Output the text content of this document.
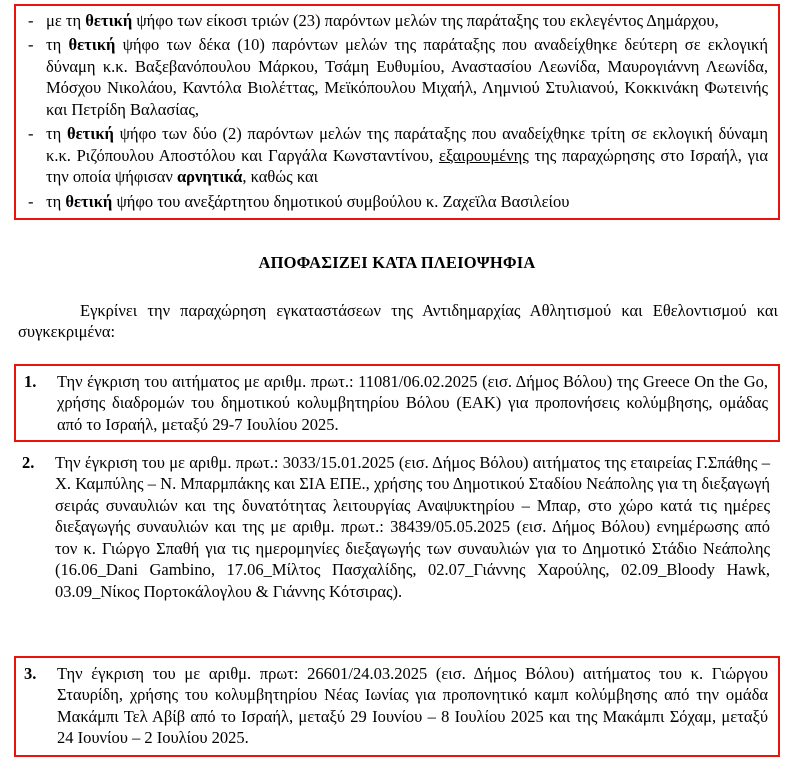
- με τη θετική ψήφο των είκοσι τριών (23) παρόντων μελών της παράταξης του εκλεγέντος Δημάρχου,
- τη θετική ψήφο των δέκα (10) παρόντων μελών της παράταξης που αναδείχθηκε δεύτερη σε εκλογική δύναμη κ.κ. Βαξεβανόπουλου Μάρκου, Τσάμη Ευθυμίου, Αναστασίου Λεωνίδα, Μαυρογιάννη Λεωνίδα, Μόσχου Νικολάου, Καντόλα Βιολέττας, Μεϊκόπουλου Μιχαήλ, Λημνιού Στυλιανού, Κοκκινάκη Φωτεινής και Πετρίδη Βαλασίας,
- τη θετική ψήφο των δύο (2) παρόντων μελών της παράταξης που αναδείχθηκε τρίτη σε εκλογική δύναμη κ.κ. Ριζόπουλου Αποστόλου και Γαργάλα Κωνσταντίνου, εξαιρουμένης της παραχώρησης στο Ισραήλ, για την οποία ψήφισαν αρνητικά, καθώς και
- τη θετική ψήφο του ανεξάρτητου δημοτικού συμβούλου κ. Ζαχεϊλα Βασιλείου
ΑΠΟΦΑΣΙΖΕΙ ΚΑΤΑ ΠΛΕΙΟΨΗΦΙΑ
Εγκρίνει την παραχώρηση εγκαταστάσεων της Αντιδημαρχίας Αθλητισμού και Εθελοντισμού και συγκεκριμένα:
1. Την έγκριση του αιτήματος με αριθμ. πρωτ.: 11081/06.02.2025 (εισ. Δήμος Βόλου) της Greece On the Go, χρήσης διαδρομών του δημοτικού κολυμβητηρίου Βόλου (ΕΑΚ) για προπονήσεις κολύμβησης, ομάδας από το Ισραήλ, μεταξύ 29-7 Ιουλίου 2025.
2. Την έγκριση του με αριθμ. πρωτ.: 3033/15.01.2025 (εισ. Δήμος Βόλου) αιτήματος της εταιρείας Γ.Σπάθης – Χ. Καμπύλης – Ν. Μπαρμπάκης και ΣΙΑ ΕΠΕ., χρήσης του Δημοτικού Σταδίου Νεάπολης για τη διεξαγωγή σειράς συναυλιών και της δυνατότητας λειτουργίας Αναψυκτηρίου – Μπαρ, στο χώρο κατά τις ημέρες διεξαγωγής συναυλιών και της με αριθμ. πρωτ.: 38439/05.05.2025 (εισ. Δήμος Βόλου) ενημέρωσης από τον κ. Γιώργο Σπαθή για τις ημερομηνίες διεξαγωγής των συναυλιών για το Δημοτικό Στάδιο Νεάπολης (16.06_Dani Gambino, 17.06_Μίλτος Πασχαλίδης, 02.07_Γιάννης Χαρούλης, 02.09_Bloody Hawk, 03.09_Νίκος Πορτοκάλογλου & Γιάννης Κότσιρας).
3. Την έγκριση του με αριθμ. πρωτ: 26601/24.03.2025 (εισ. Δήμος Βόλου) αιτήματος του κ. Γιώργου Σταυρίδη, χρήσης του κολυμβητηρίου Νέας Ιωνίας για προπονητικό καμπ κολύμβησης από την ομάδα Μακάμπι Τελ Αβίβ από το Ισραήλ, μεταξύ 29 Ιουνίου – 8 Ιουλίου 2025 και της Μακάμπι Σόχαμ, μεταξύ 24 Ιουνίου – 2 Ιουλίου 2025.
